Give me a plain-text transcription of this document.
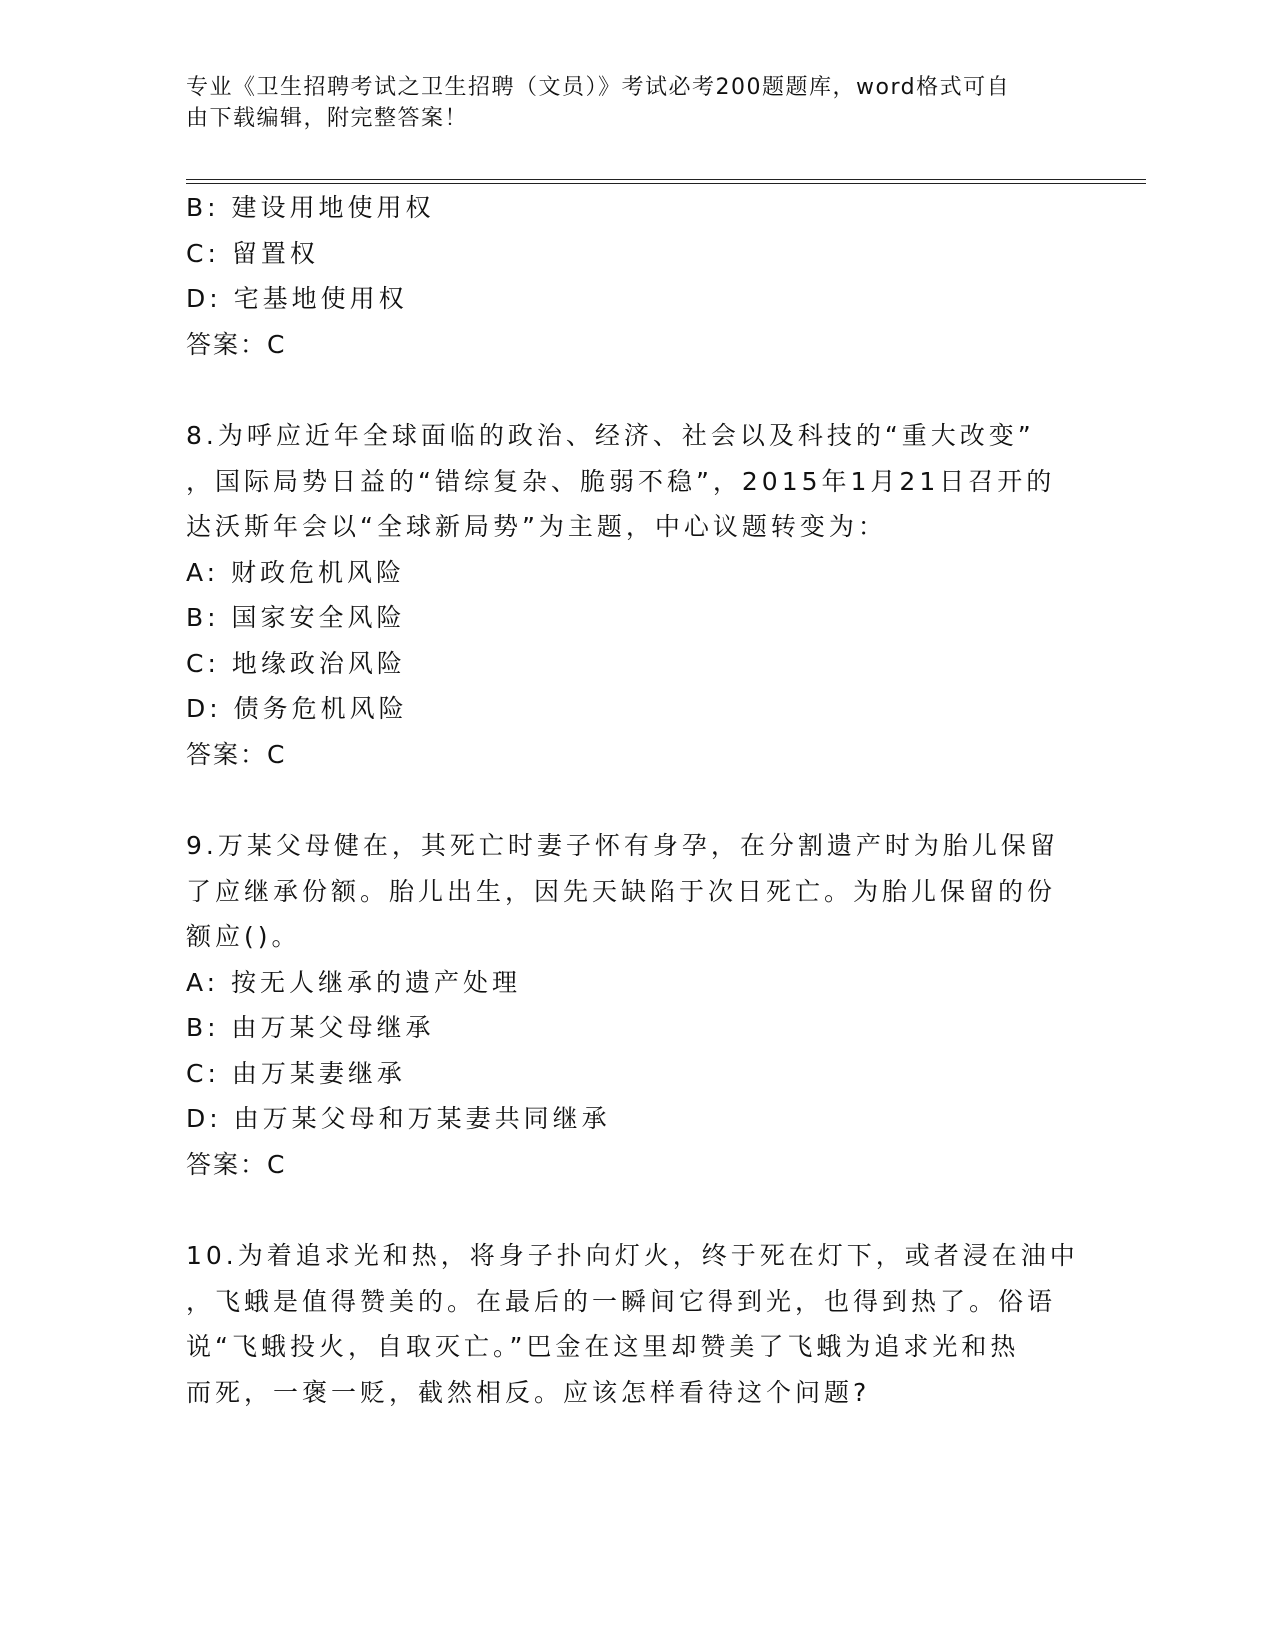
专业《卫生招聘考试之卫生招聘（文员）》考试必考200题题库，word格式可自
由下载编辑，附完整答案！
B: 建设用地使用权
C: 留置权
D: 宅基地使用权
答案：C
8.为呼应近年全球面临的政治、经济、社会以及科技的“重大改变”
，国际局势日益的“错综复杂、脆弱不稳”，2015年1月21日召开的
达沃斯年会以“全球新局势”为主题，中心议题转变为：
A: 财政危机风险
B: 国家安全风险
C: 地缘政治风险
D: 债务危机风险
答案：C
9.万某父母健在，其死亡时妻子怀有身孕，在分割遗产时为胎儿保留
了应继承份额。胎儿出生，因先天缺陷于次日死亡。为胎儿保留的份
额应()。
A: 按无人继承的遗产处理
B: 由万某父母继承
C: 由万某妻继承
D: 由万某父母和万某妻共同继承
答案：C
10.为着追求光和热，将身子扑向灯火，终于死在灯下，或者浸在油中
，飞蛾是值得赞美的。在最后的一瞬间它得到光，也得到热了。俗语
说“飞蛾投火，自取灭亡。”巴金在这里却赞美了飞蛾为追求光和热
而死，一褒一贬，截然相反。应该怎样看待这个问题?
